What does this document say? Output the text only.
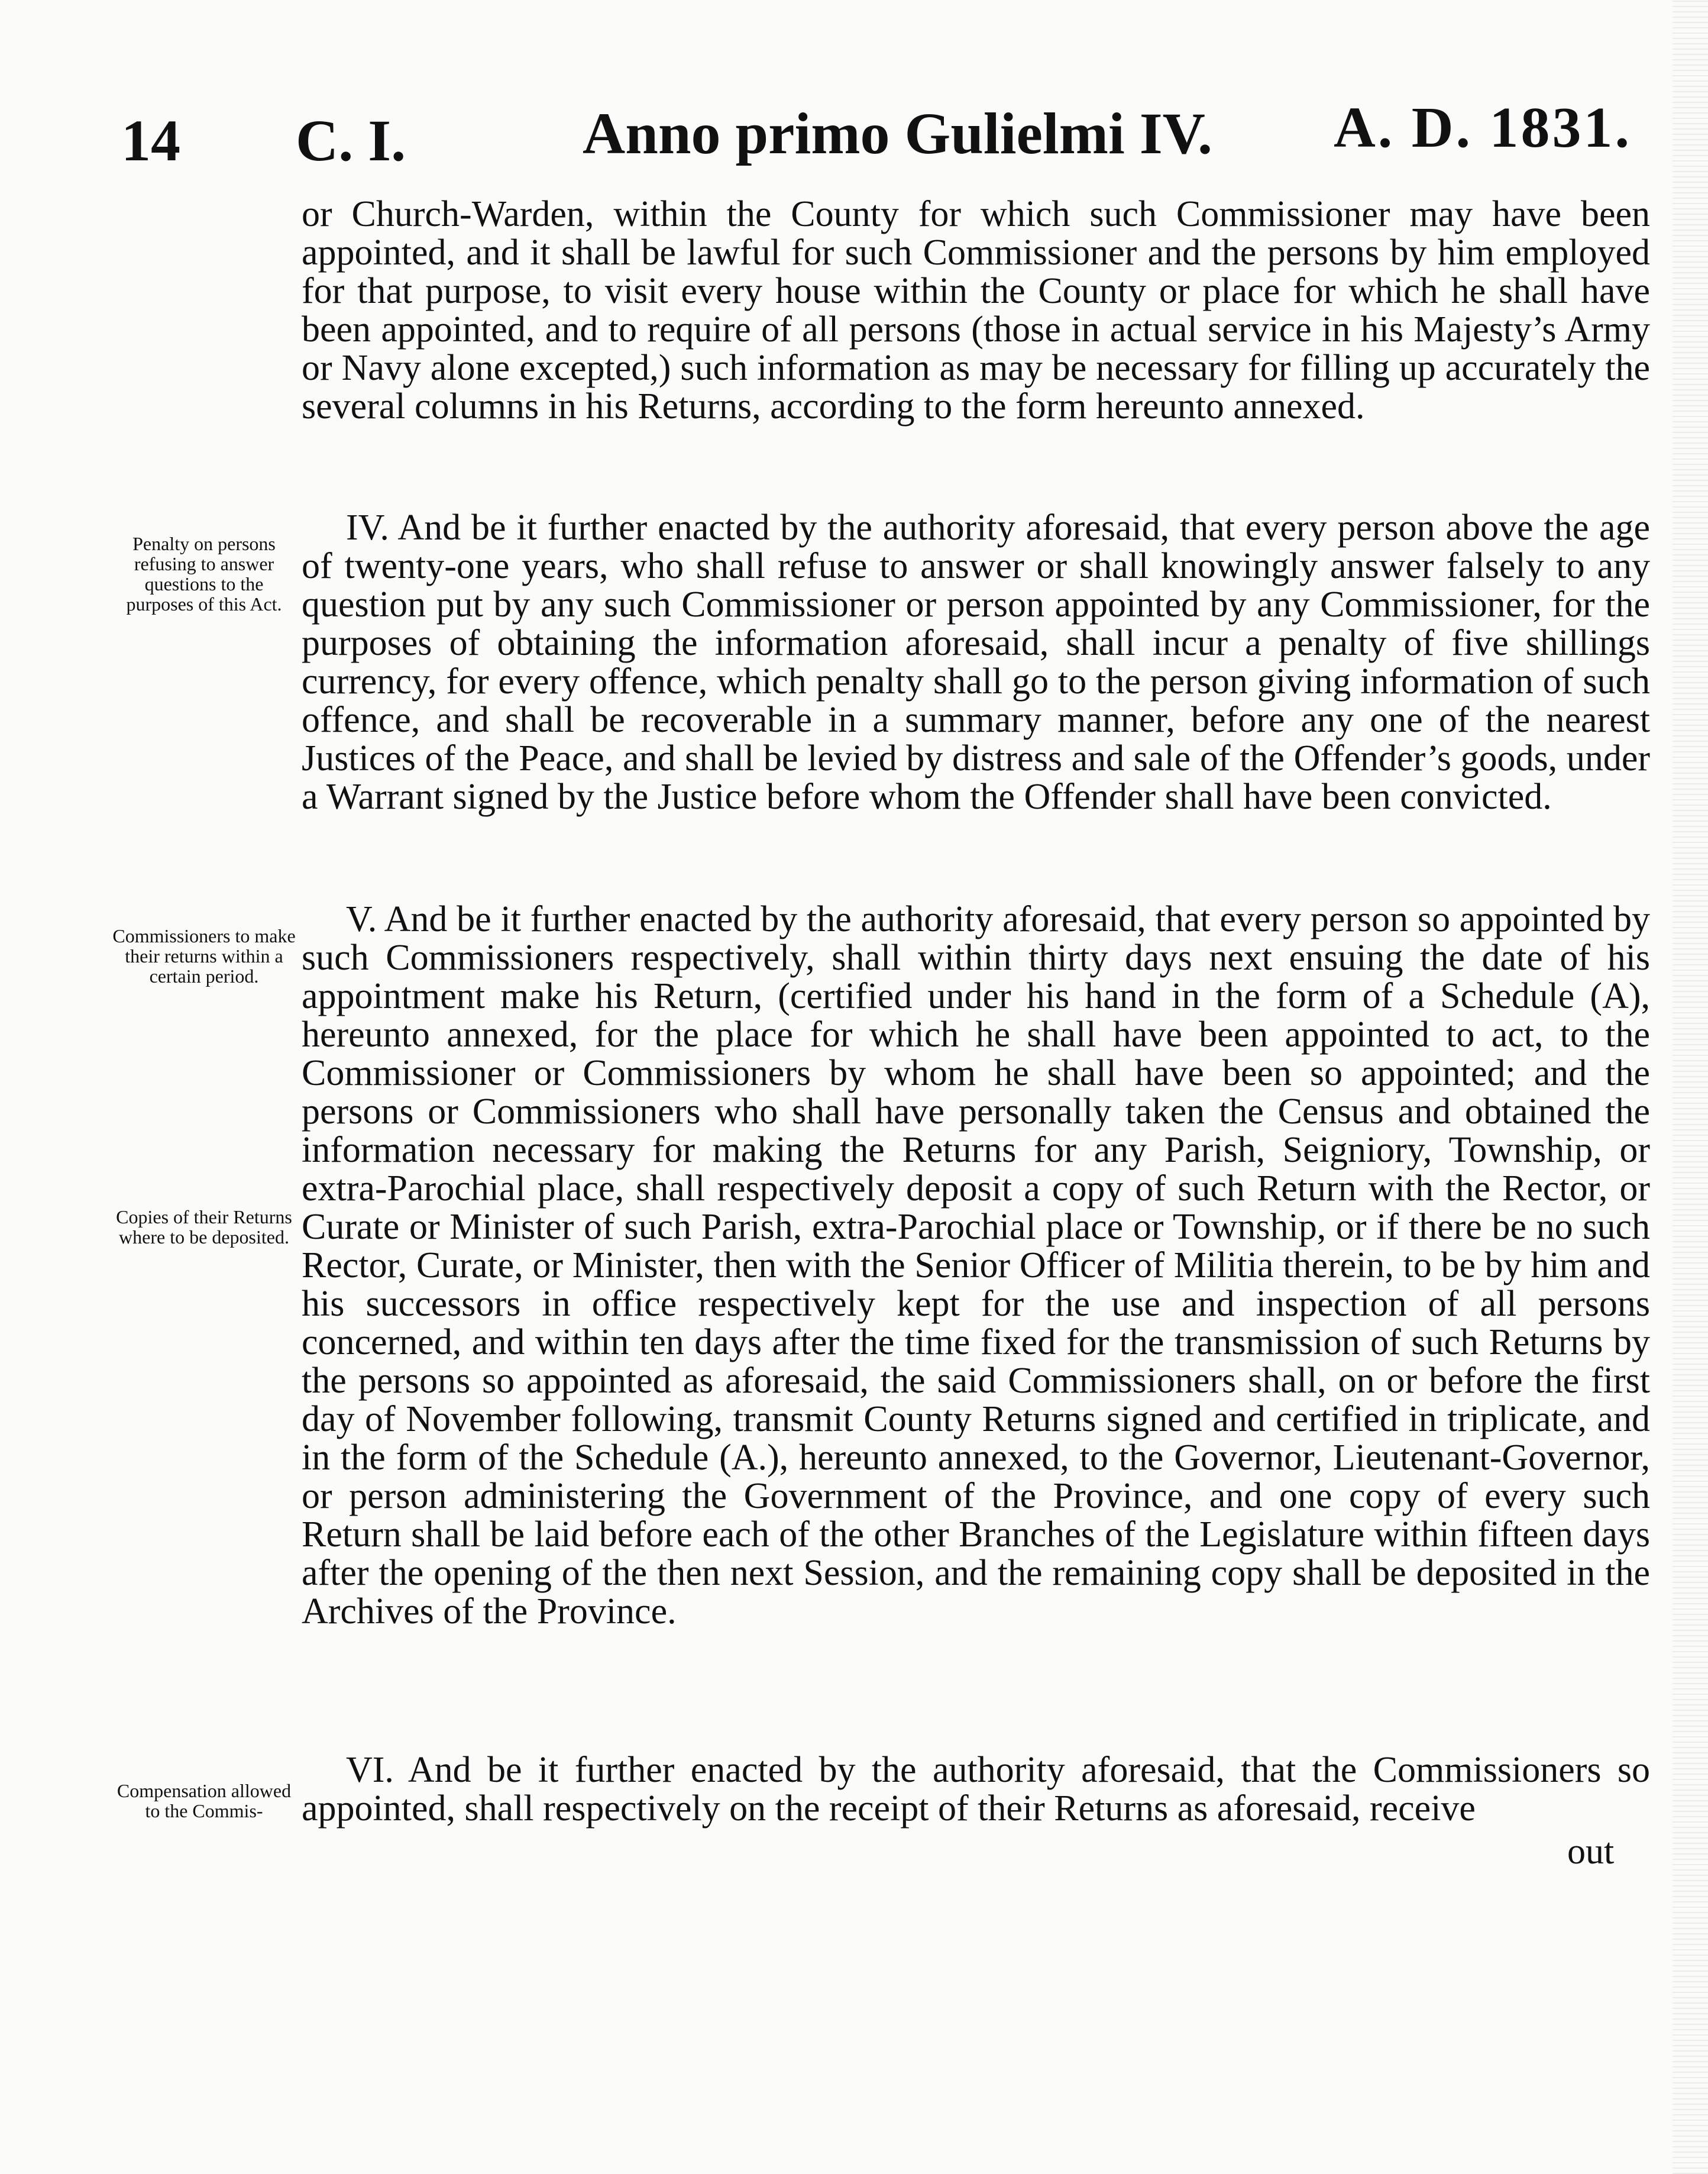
14 C. I.	Anno primo Gulielmi IV. A. D. 1831.

or Church-Warden, within the County for which such Commissioner may have been appointed, and it shall be lawful for such Commissioner and the persons by him employed for that purpose, to visit every house within the County or place for which he shall have been appointed, and to require of all persons (those in actual service in his Majesty’s Army or Navy alone excepted,) such information as may be necessary for filling up accurately the several columns in his Returns, according to the form hereunto annexed.

Penalty on persons refusing to answer questions to the purposes of this Act.

IV. And be it further enacted by the authority aforesaid, that every person above the age of twenty-one years, who shall refuse to answer or shall knowingly answer falsely to any question put by any such Commissioner or person appointed by any Commissioner, for the purposes of obtaining the information aforesaid, shall incur a penalty of five shillings currency, for every offence, which penalty shall go to the person giving information of such offence, and shall be recoverable in a summary manner, before any one of the nearest Justices of the Peace, and shall be levied by distress and sale of the Offender’s goods, under a Warrant signed by the Justice before whom the Offender shall have been convicted.

Commissioners to make their returns within a certain period.

Copies of their Returns where to be deposited.

V. And be it further enacted by the authority aforesaid, that every person so appointed by such Commissioners respectively, shall within thirty days next ensuing the date of his appointment make his Return, (certified under his hand in the form of a Schedule (A), hereunto annexed, for the place for which he shall have been appointed to act, to the Commissioner or Commissioners by whom he shall have been so appointed; and the persons or Commissioners who shall have personally taken the Census and obtained the information necessary for making the Returns for any Parish, Seigniory, Township, or extra-Parochial place, shall respectively deposit a copy of such Return with the Rector, or Curate or Minister of such Parish, extra-Parochial place or Township, or if there be no such Rector, Curate, or Minister, then with the Senior Officer of Militia therein, to be by him and his successors in office respectively kept for the use and inspection of all persons concerned, and within ten days after the time fixed for the transmission of such Returns by the persons so appointed as aforesaid, the said Commissioners shall, on or before the first day of November following, transmit County Returns signed and certified in triplicate, and in the form of the Schedule (A.), hereunto annexed, to the Governor, Lieutenant-Governor, or person administering the Government of the Province, and one copy of every such Return shall be laid before each of the other Branches of the Legislature within fifteen days after the opening of the then next Session, and the remaining copy shall be deposited in the Archives of the Province.

Compensation allowed to the Commis-

VI. And be it further enacted by the authority aforesaid, that the Commissioners so appointed, shall respectively on the receipt of their Returns as aforesaid, receive

out
